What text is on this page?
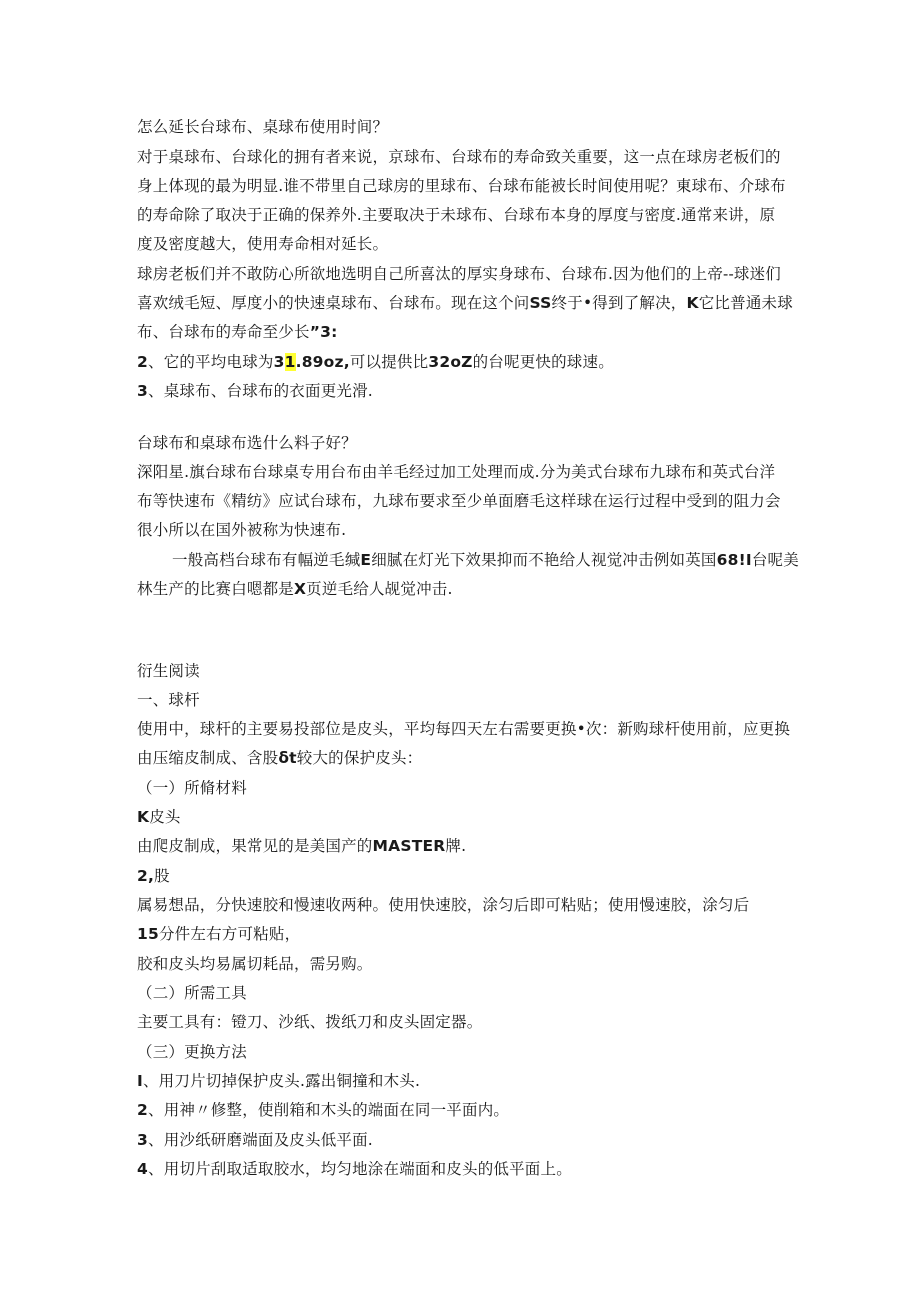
怎么延长台球布、桌球布使用时间？
对于桌球布、台球化的拥有者来说，京球布、台球布的寿命致关重要，这一点在球房老板们的
身上体现的最为明显.谁不带里自己球房的里球布、台球布能被长时间使用呢？東球布、介球布
的寿命除了取决于正确的保养外.主要取决于未球布、台球布本身的厚度与密度.通常来讲，原
度及密度越大，使用寿命相对延长。
球房老板们并不敢防心所欲地选明自己所喜汰的厚实身球布、台球布.因为他们的上帝--球迷们
喜欢绒毛短、厚度小的快速桌球布、台球布。现在这个问SS终于•得到了解决，K它比普通未球
布、台球布的寿命至少长”3:
2、它的平均电球为31.89oz,可以提供比32oZ的台呢更快的球速。
3、桌球布、台球布的衣面更光滑.
台球布和桌球布选什么料子好？
深阳星.旗台球布台球桌专用台布由羊毛经过加工处理而成.分为美式台球布九球布和英式台洋
布等快速布《精纺》应试台球布，九球布要求至少单面磨毛这样球在运行过程中受到的阻力会
很小所以在国外被称为快速布.
一般高档台球布有幅逆毛缄E细腻在灯光下效果抑而不艳给人视觉冲击例如英国68!I台呢美
林生产的比赛白嗯都是X页逆毛给人觇觉冲击.
衍生阅读
一、球杆
使用中，球杆的主要易投部位是皮头，平均每四天左右需要更换•次：新购球杆使用前，应更换
由压缩皮制成、含股δt较大的保护皮头：
（一）所脩材料
K皮头
由爬皮制成，果常见的是美国产的MASTER牌.
2,股
属易想品，分快速胶和慢速收两种。使用快速胶，涂匀后即可粘贴；使用慢速胶，涂匀后
15分件左右方可粘贴，
胶和皮头均易属切耗品，需另购。
（二）所需工具
主要工具有：镫刀、沙纸、拨纸刀和皮头固定器。
（三）更换方法
I、用刀片切掉保护皮头.露出铜撞和木头.
2、用神〃修整，使削箱和木头的端面在同一平面内。
3、用沙纸研磨端面及皮头低平面.
4、用切片刮取适取胶水，均匀地涂在端面和皮头的低平面上。
